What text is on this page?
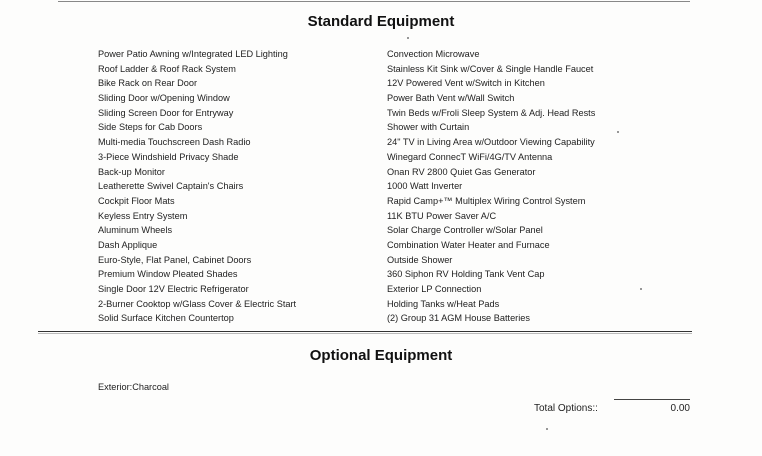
Standard Equipment
Power Patio Awning w/Integrated LED Lighting
Roof Ladder & Roof Rack System
Bike Rack on Rear Door
Sliding Door w/Opening Window
Sliding Screen Door for Entryway
Side Steps for Cab Doors
Multi-media Touchscreen Dash Radio
3-Piece Windshield Privacy Shade
Back-up Monitor
Leatherette Swivel Captain's Chairs
Cockpit Floor Mats
Keyless Entry System
Aluminum Wheels
Dash Applique
Euro-Style, Flat Panel, Cabinet Doors
Premium Window Pleated Shades
Single Door 12V Electric Refrigerator
2-Burner Cooktop w/Glass Cover & Electric Start
Solid Surface Kitchen Countertop
Convection Microwave
Stainless Kit Sink w/Cover & Single Handle Faucet
12V Powered Vent w/Switch in Kitchen
Power Bath Vent w/Wall Switch
Twin Beds w/Froli Sleep System & Adj. Head Rests
Shower with Curtain
24" TV in Living Area w/Outdoor Viewing Capability
Winegard ConnecT WiFi/4G/TV Antenna
Onan RV 2800 Quiet Gas Generator
1000 Watt Inverter
Rapid Camp+™ Multiplex Wiring Control System
11K BTU Power Saver A/C
Solar Charge Controller w/Solar Panel
Combination Water Heater and Furnace
Outside Shower
360 Siphon RV Holding Tank Vent Cap
Exterior LP Connection
Holding Tanks w/Heat Pads
(2) Group 31 AGM House Batteries
Optional Equipment
Exterior:Charcoal
Total Options::	0.00
